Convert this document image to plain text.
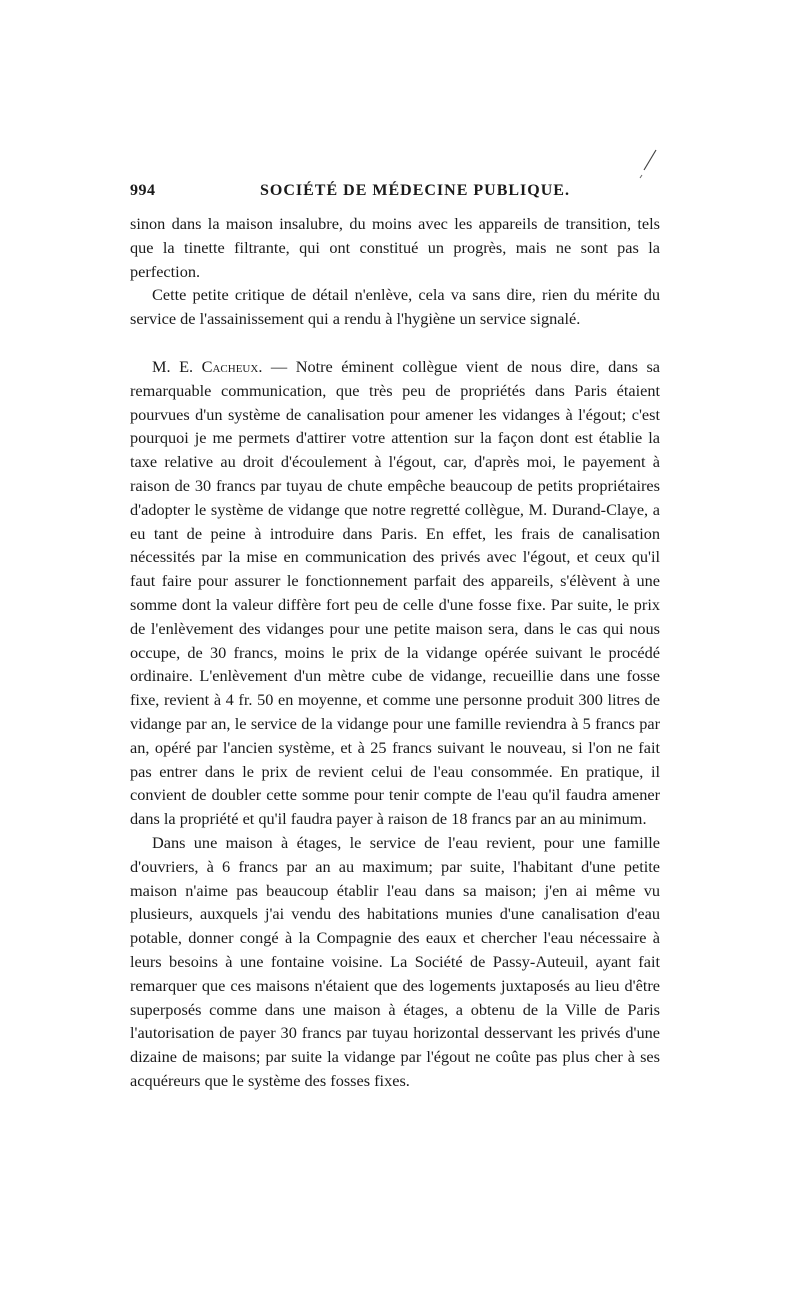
994	SOCIÉTÉ DE MÉDECINE PUBLIQUE.

sinon dans la maison insalubre, du moins avec les appareils de transition, tels que la tinette filtrante, qui ont constitué un progrès, mais ne sont pas la perfection.

Cette petite critique de détail n'enlève, cela va sans dire, rien du mérite du service de l'assainissement qui a rendu à l'hygiène un service signalé.

M. E. Cacheux. — Notre éminent collègue vient de nous dire, dans sa remarquable communication, que très peu de propriétés dans Paris étaient pourvues d'un système de canalisation pour amener les vidanges à l'égout; c'est pourquoi je me permets d'attirer votre attention sur la façon dont est établie la taxe relative au droit d'écoulement à l'égout, car, d'après moi, le payement à raison de 30 francs par tuyau de chute empêche beaucoup de petits propriétaires d'adopter le système de vidange que notre regretté collègue, M. Durand-Claye, a eu tant de peine à introduire dans Paris. En effet, les frais de canalisation nécessités par la mise en communication des privés avec l'égout, et ceux qu'il faut faire pour assurer le fonctionnement parfait des appareils, s'élèvent à une somme dont la valeur diffère fort peu de celle d'une fosse fixe. Par suite, le prix de l'enlèvement des vidanges pour une petite maison sera, dans le cas qui nous occupe, de 30 francs, moins le prix de la vidange opérée suivant le procédé ordinaire. L'enlèvement d'un mètre cube de vidange, recueillie dans une fosse fixe, revient à 4 fr. 50 en moyenne, et comme une personne produit 300 litres de vidange par an, le service de la vidange pour une famille reviendra à 5 francs par an, opéré par l'ancien système, et à 25 francs suivant le nouveau, si l'on ne fait pas entrer dans le prix de revient celui de l'eau consommée. En pratique, il convient de doubler cette somme pour tenir compte de l'eau qu'il faudra amener dans la propriété et qu'il faudra payer à raison de 18 francs par an au minimum.

Dans une maison à étages, le service de l'eau revient, pour une famille d'ouvriers, à 6 francs par an au maximum; par suite, l'habitant d'une petite maison n'aime pas beaucoup établir l'eau dans sa maison; j'en ai même vu plusieurs, auxquels j'ai vendu des habitations munies d'une canalisation d'eau potable, donner congé à la Compagnie des eaux et chercher l'eau nécessaire à leurs besoins à une fontaine voisine. La Société de Passy-Auteuil, ayant fait remarquer que ces maisons n'étaient que des logements juxtaposés au lieu d'être superposés comme dans une maison à étages, a obtenu de la Ville de Paris l'autorisation de payer 30 francs par tuyau horizontal desservant les privés d'une dizaine de maisons; par suite la vidange par l'égout ne coûte pas plus cher à ses acquéreurs que le système des fosses fixes.
